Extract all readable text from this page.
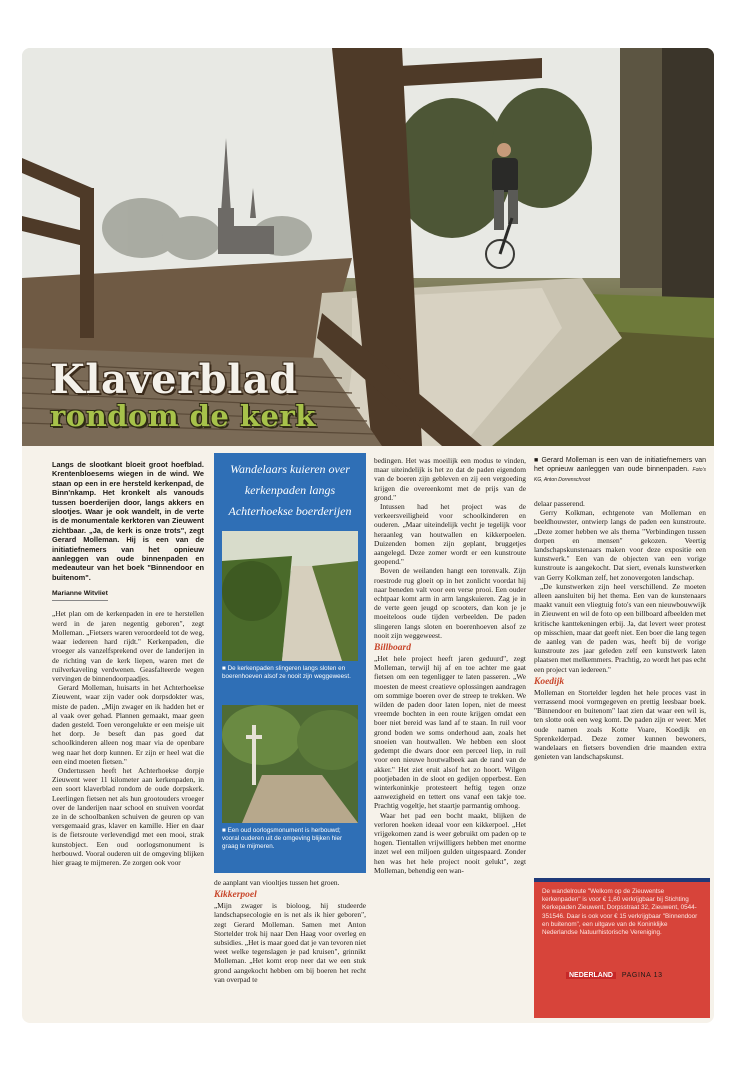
Klaverblad
rondom de kerk

Langs de slootkant bloeit groot hoefblad. Krentenbloesems wiegen in de wind. We staan op een in ere hersteld kerkenpad, de Binn'nkamp. Het kronkelt als vanouds tussen boerderijen door, langs akkers en slootjes. Waar je ook wandelt, in de verte is de monumentale kerktoren van Zieuwent zichtbaar. „Ja, de kerk is onze trots", zegt Gerard Molleman. Hij is een van de initiatiefnemers van het opnieuw aanleggen van oude binnenpaden en medeauteur van het boek "Binnendoor en buitenom".

Marianne Witvliet

„Het plan om de kerkenpaden in ere te herstellen werd in de jaren negentig geboren", zegt Molleman. „Fietsers waren veroordeeld tot de weg, waar iedereen hard rijdt." Kerkenpaden, die vroeger als vanzelfsprekend over de landerijen in de richting van de kerk liepen, waren met de ruilverkaveling verdwenen. Geasfalteerde wegen vervingen de binnendoorpaadjes.

Gerard Molleman, huisarts in het Achterhoekse Zieuwent, waar zijn vader ook dorpsdokter was, miste de paden. „Mijn zwager en ik hadden het er al vaak over gehad. Plannen gemaakt, maar geen daden gesteld. Toen verongelukte er een meisje uit het dorp. Je beseft dan pas goed dat schoolkinderen alleen nog maar via de openbare weg naar het dorp kunnen. Er zijn er heel wat die een eind moeten fietsen."

Ondertussen heeft het Achterhoekse dorpje Zieuwent weer 11 kilometer aan kerkenpaden, in een soort klaverblad rondom de oude dorpskerk. Leerlingen fietsen net als hun grootouders vroeger over de landerijen naar school en snuiven voordat ze in de schoolbanken schuiven de geuren op van versgemaaid gras, klaver en kamille. Hier en daar is de fietsroute verlevendigd met een mooi, strak kunstobject. Een oud oorlogsmonument is herbouwd. Vooral ouderen uit de omgeving blijken hier graag te mijmeren. Ze zorgen ook voor

Wandelaars kuieren over kerkenpaden langs Achterhoekse boerderijen
■ De kerkenpaden slingeren langs sloten en boerenhoeven alsof ze nooit zijn weggeweest.
■ Een oud oorlogsmonument is herbouwd; vooral ouderen uit de omgeving blijken hier graag te mijmeren.

de aanplant van viooltjes tussen het groen.

Kikkerpoel

„Mijn zwager is bioloog, hij studeerde landschapsecologie en is net als ik hier geboren", zegt Gerard Molleman. Samen met Anton Stortelder trok hij naar Den Haag voor overleg en subsidies. „Het is maar goed dat je van tevoren niet weet welke tegenslagen je pad kruisen", grinnikt Molleman. „Het komt erop neer dat we een stuk grond aangekocht hebben om bij boeren het recht van overpad te

bedingen. Het was moeilijk een modus te vinden, maar uiteindelijk is het zo dat de paden eigendom van de boeren zijn gebleven en zij een vergoeding krijgen die overeenkomt met de prijs van de grond."

Intussen had het project was de verkeersveiligheid voor schoolkinderen en ouderen. „Maar uiteindelijk vecht je tegelijk voor heraanleg van houtwallen en kikkerpoelen. Duizenden bomen zijn geplant, bruggetjes aangelegd. Deze zomer wordt er een kunstroute geopend."

Boven de weilanden hangt een torenvalk. Zijn roestrode rug gloeit op in het zonlicht voordat hij naar beneden valt voor een verse prooi. Een ouder echtpaar komt arm in arm langskuieren. Zag je in de verte geen jeugd op scooters, dan kon je je moeiteloos oude tijden verbeelden. De paden slingeren langs sloten en boerenhoeven alsof ze nooit zijn weggeweest.

Billboard

„Het hele project heeft jaren geduurd", zegt Molleman, terwijl hij af en toe achter me gaat fietsen om een tegenligger te laten passeren. „We moesten de meest creatieve oplossingen aandragen om sommige boeren over de streep te trekken. We wilden de paden door laten lopen, niet de meest vreemde bochten in een route krijgen omdat een boer niet bereid was land af te staan. In ruil voor grond boden we soms onderhoud aan, zoals het snoeien van houtwallen. We hebben een sloot gedempt die dwars door een perceel liep, in ruil voor een nieuwe houtwalbeek aan de rand van de akker." Het ziet eruit alsof het zo hoort. Wilgen pootjebaden in de sloot en gedijen opperbest. Een winterkoninkje protesteert heftig tegen onze aanwezigheid en tettert ons vanaf een takje toe. Prachtig vogeltje, het staartje parmantig omhoog.

Waar het pad een bocht maakt, blijken de verloren hoeken ideaal voor een kikkerpoel. „Het vrijgekomen zand is weer gebruikt om paden op te hogen. Tientallen vrijwilligers hebben met enorme inzet wel een miljoen gulden uitgespaard. Zonder hen was het hele project nooit gelukt", zegt Molleman, behendig een wan-

■ Gerard Molleman is een van de initiatiefnemers van het opnieuw aanleggen van oude binnenpaden. Foto's KG, Anton Dorrenschroot

delaar passerend.

Gerry Kolkman, echtgenote van Molleman en beeldhouwster, ontwierp langs de paden een kunstroute. „Deze zomer hebben we als thema "Verbindingen tussen dorpen en mensen" gekozen. Veertig landschapskunstenaars maken voor deze expositie een kunstwerk." Een van de objecten van een vorige kunstroute is aangekocht. Dat siert, evenals kunstwerken van Gerry Kolkman zelf, het zonovergoten landschap.

„De kunstwerken zijn heel verschillend. Ze moeten alleen aansluiten bij het thema. Een van de kunstenaars maakt vanuit een vliegtuig foto's van een nieuwbouwwijk in Zieuwent en wil de foto op een billboard afbeelden met kritische kanttekeningen erbij. Ja, dat levert weer protest op misschien, maar dat geeft niet. Een boer die lang tegen de aanleg van de paden was, heeft bij de vorige kunstroute zes jaar geleden zelf een kunstwerk laten plaatsen met melkemmers. Prachtig, zo wordt het pas echt een project van iedereen."

Koedijk

Molleman en Stortelder legden het hele proces vast in verrassend mooi vormgegeven en prettig leesbaar boek. "Binnendoor en buitenom" laat zien dat waar een wil is, ten slotte ook een weg komt. De paden zijn er weer. Met oude namen zoals Kotte Voare, Koedijk en Sprenkelderpad. Deze zomer kunnen bewoners, wandelaars en fietsers bovendien drie maanden extra genieten van landschapskunst.

De wandelroute "Welkom op de Zieuwentse kerkenpaden" is voor € 1,60 verkrijgbaar bij Stichting Kerkepaden Zieuwent, Dorpsstraat 32, Zieuwent, 0544-351546. Daar is ook voor € 15 verkrijgbaar "Binnendoor en buitenom", een uitgave van de Koninklijke Nederlandse Natuurhistorische Vereniging.
NEDERLAND PAGINA 13
